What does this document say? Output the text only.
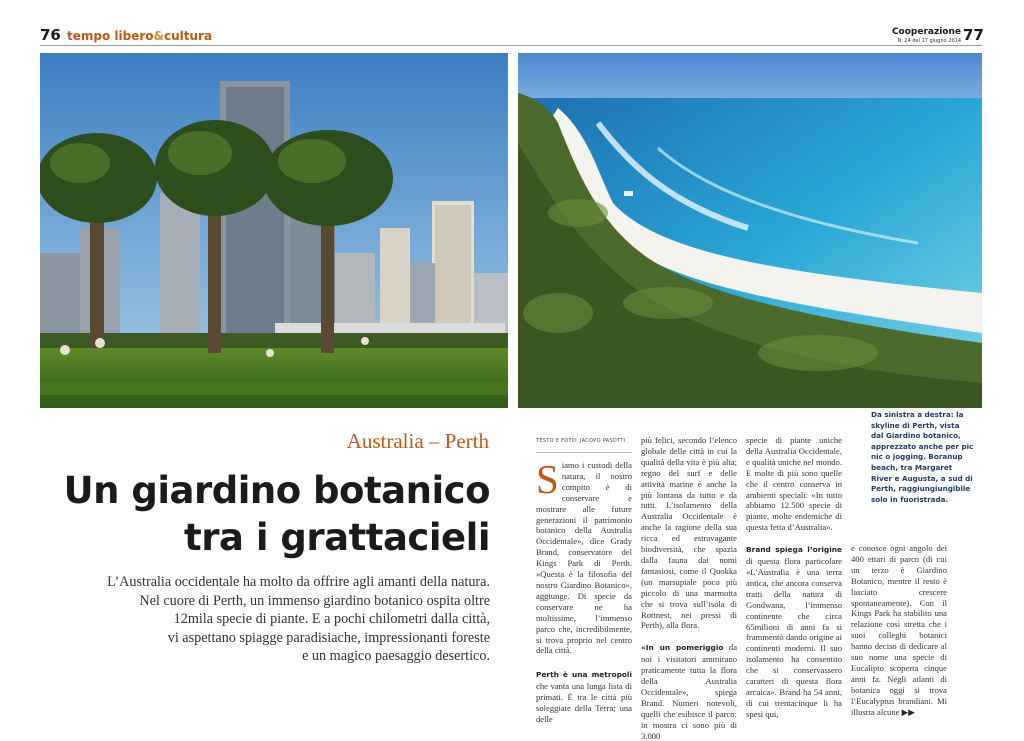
76 tempo libero&cultura	Cooperazione
N. 24 del 17 giugno 2014 77
Da sinistra a destra: la
skyline di Perth, vista
dal Giardino botanico,
apprezzato anche per pic
nic o jogging. Boranup
beach, tra Margaret
River e Augusta, a sud di
Perth, raggiungiungibile
solo in fuoristrada.
Australia – Perth
Un giardino botanico
tra i grattacieli
L’Australia occidentale ha molto da offrire agli amanti della natura.
Nel cuore di Perth, un immenso giardino botanico ospita oltre
12mila specie di piante. E a pochi chilometri dalla città,
vi aspettano spiagge paradisiache, impressionanti foreste
e un magico paesaggio desertico.
TESTO E FOTO: JACOPO PASOTTI

Siamo i custodi della natura, il nostro compito è di conservare e mostrare alle future generazioni il patrimonio botanico della Australia Occidentale», dice Grady Brand, conservatore del Kings Park di Perth. «Questa è la filosofia del nostro Giardino Botanico», aggiunge. Di specie da conservare ne ha moltissime, l’immenso parco che, incredibilmente, si trova proprio nel centro della città.

Perth è una metropoli che vanta una lunga lista di primati. È tra le città più soleggiate della Terra; una delle

più felici, secondo l’elenco globale delle città in cui la qualità della vita è più alta; regno del surf e delle attività marine è anche la più lontana da tutto e da tutti. L’isolamento della Australia Occidentale è anche la ragione della sua ricca ed estravagante biodiversità, che spazia dalla fauna dai nomi fantasiosi, come il Quokka (un marsupiale poco più piccolo di una marmotta che si trova sull’isola di Rottnest, nei pressi di Perth), alla flora.

«In un pomeriggio da noi i visitatori ammirano praticamente tutta la flora della Australia Occidentale», spiega Brand. Numeri notevoli, quelli che esibisce il parco: in mostra ci sono più di 3.000

specie di piante uniche della Australia Occidentale, e qualità uniche nel mondo. E molte di più sono quelle che il centro conserva in ambienti speciali: «In tutto abbiamo 12.500 specie di piante, molte endemiche di questa fetta d’Australia».

Brand spiega l’origine di questa flora particolare «L’Australia è una terra antica, che ancora conserva tratti della natura di Gondwana, l’immenso continente che circa 65milioni di anni fa si frammentò dando origine ai continenti moderni. Il suo isolamento ha consentito che si conservassero caratteri di questa flora arcaica». Brand ha 54 anni, di cui trentacinque li ha spesi qui,

e conosce ogni angolo dei 400 ettari di parco (di cui un terzo è Giardino Botanico, mentre il resto è lasciato crescere spontaneamente). Con il Kings Park ha stabilito una relazione così stretta che i suoi colleghi botanici hanno deciso di dedicare al suo nome una specie di Eucalipto scoperta cinque anni fa. Negli atlanti di botanica oggi si trova l’Eucalyptus brandiani. Mi illustra alcune ▶▶
